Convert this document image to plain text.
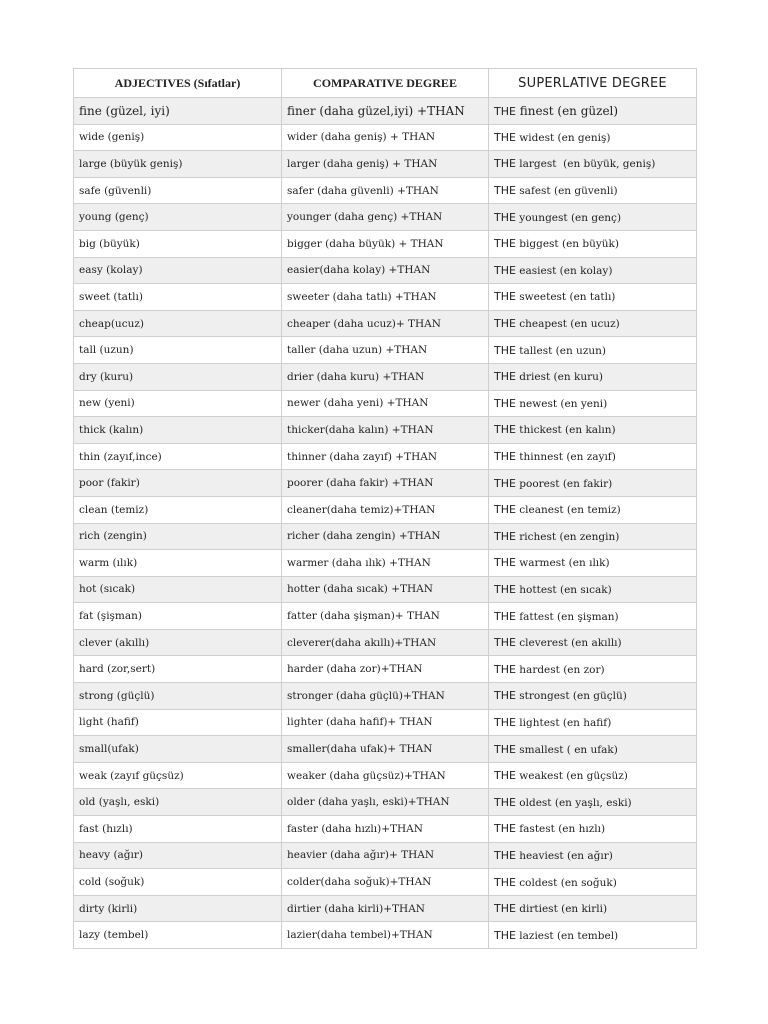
ADJECTIVES (Sıfatlar)	COMPARATIVE DEGREE	SUPERLATIVE DEGREE
fine (güzel, iyi)	finer (daha güzel,iyi) +THAN	THE finest (en güzel)
wide (geniş)	wider (daha geniş) + THAN	THE widest (en geniş)
large (büyük geniş)	larger (daha geniş) + THAN	THE largest  (en büyük, geniş)
safe (güvenli)	safer (daha güvenli) +THAN	THE safest (en güvenli)
young (genç)	younger (daha genç) +THAN	THE youngest (en genç)
big (büyük)	bigger (daha büyük) + THAN	THE biggest (en büyük)
easy (kolay)	easier(daha kolay) +THAN	THE easiest (en kolay)
sweet (tatlı)	sweeter (daha tatlı) +THAN	THE sweetest (en tatlı)
cheap(ucuz)	cheaper (daha ucuz)+ THAN	THE cheapest (en ucuz)
tall (uzun)	taller (daha uzun) +THAN	THE tallest (en uzun)
dry (kuru)	drier (daha kuru) +THAN	THE driest (en kuru)
new (yeni)	newer (daha yeni) +THAN	THE newest (en yeni)
thick (kalın)	thicker(daha kalın) +THAN	THE thickest (en kalın)
thin (zayıf,ince)	thinner (daha zayıf) +THAN	THE thinnest (en zayıf)
poor (fakir)	poorer (daha fakir) +THAN	THE poorest (en fakir)
clean (temiz)	cleaner(daha temiz)+THAN	THE cleanest (en temiz)
rich (zengin)	richer (daha zengin) +THAN	THE richest (en zengin)
warm (ılık)	warmer (daha ılık) +THAN	THE warmest (en ılık)
hot (sıcak)	hotter (daha sıcak) +THAN	THE hottest (en sıcak)
fat (şişman)	fatter (daha şişman)+ THAN	THE fattest (en şişman)
clever (akıllı)	cleverer(daha akıllı)+THAN	THE cleverest (en akıllı)
hard (zor,sert)	harder (daha zor)+THAN	THE hardest (en zor)
strong (güçlü)	stronger (daha güçlü)+THAN	THE strongest (en güçlü)
light (hafif)	lighter (daha hafif)+ THAN	THE lightest (en hafif)
small(ufak)	smaller(daha ufak)+ THAN	THE smallest ( en ufak)
weak (zayıf güçsüz)	weaker (daha güçsüz)+THAN	THE weakest (en güçsüz)
old (yaşlı, eski)	older (daha yaşlı, eski)+THAN	THE oldest (en yaşlı, eski)
fast (hızlı)	faster (daha hızlı)+THAN	THE fastest (en hızlı)
heavy (ağır)	heavier (daha ağır)+ THAN	THE heaviest (en ağır)
cold (soğuk)	colder(daha soğuk)+THAN	THE coldest (en soğuk)
dirty (kirli)	dirtier (daha kirli)+THAN	THE dirtiest (en kirli)
lazy (tembel)	lazier(daha tembel)+THAN	THE laziest (en tembel)
